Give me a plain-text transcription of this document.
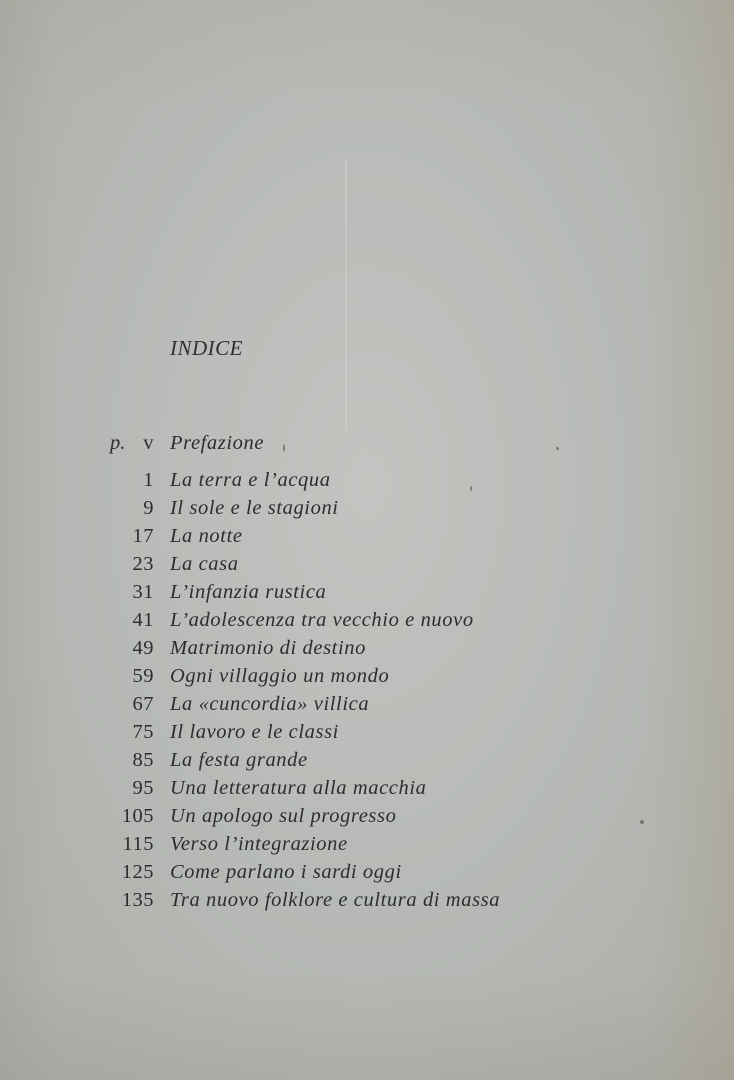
INDICE
p. v Prefazione
1 La terra e l’acqua
9 Il sole e le stagioni
17 La notte
23 La casa
31 L’infanzia rustica
41 L’adolescenza tra vecchio e nuovo
49 Matrimonio di destino
59 Ogni villaggio un mondo
67 La «cuncordia» villica
75 Il lavoro e le classi
85 La festa grande
95 Una letteratura alla macchia
105 Un apologo sul progresso
115 Verso l’integrazione
125 Come parlano i sardi oggi
135 Tra nuovo folklore e cultura di massa
